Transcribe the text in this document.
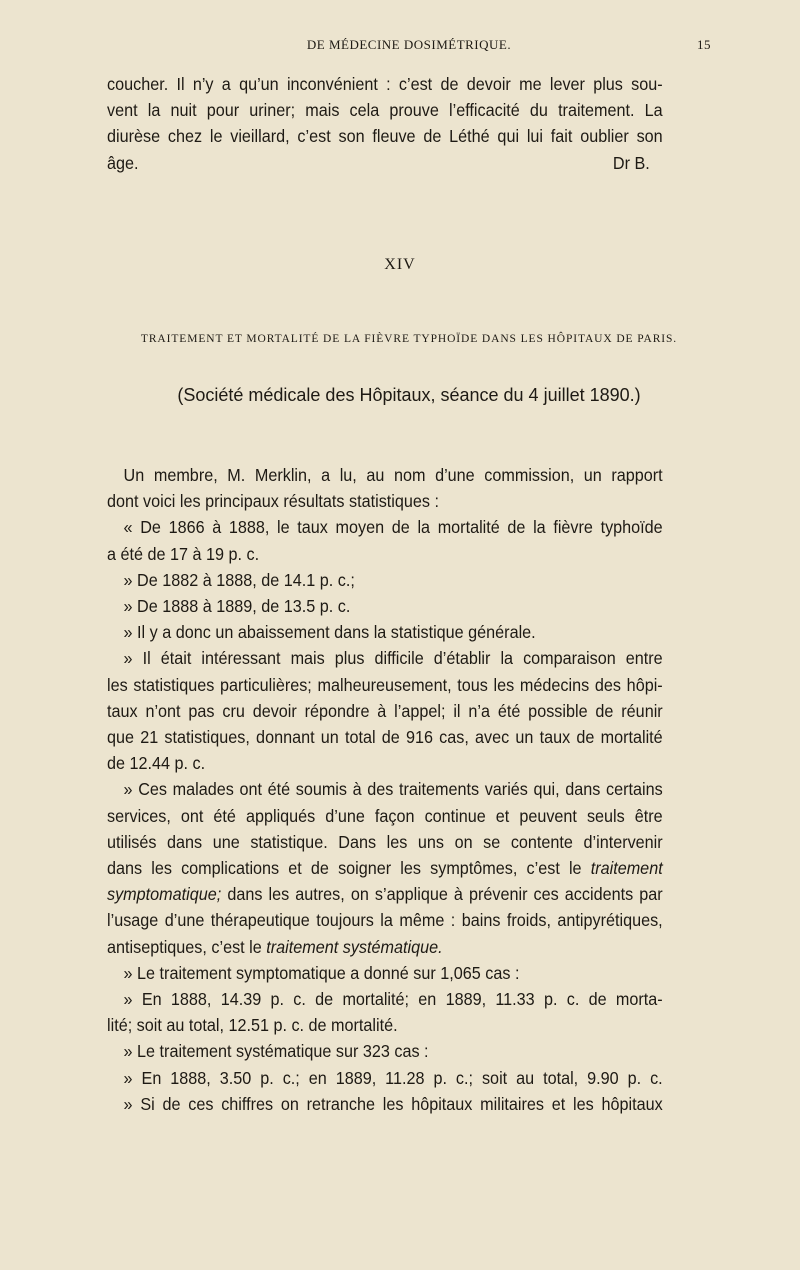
DE MÉDECINE DOSIMÉTRIQUE.	15
coucher. Il n’y a qu’un inconvénient : c’est de devoir me lever plus sou-
vent la nuit pour uriner; mais cela prouve l’efficacité du traitement. La
diurèse chez le vieillard, c’est son fleuve de Léthé qui lui fait oublier son
âge.	Dr B.
XIV
TRAITEMENT ET MORTALITÉ DE LA FIÈVRE TYPHOÏDE DANS LES HÔPITAUX DE PARIS.
(Société médicale des Hôpitaux, séance du 4 juillet 1890.)
Un membre, M. Merklin, a lu, au nom d’une commission, un rapport
dont voici les principaux résultats statistiques :
« De 1866 à 1888, le taux moyen de la mortalité de la fièvre typhoïde
a été de 17 à 19 p. c.
» De 1882 à 1888, de 14.1 p. c.;
» De 1888 à 1889, de 13.5 p. c.
» Il y a donc un abaissement dans la statistique générale.
» Il était intéressant mais plus difficile d’établir la comparaison entre
les statistiques particulières; malheureusement, tous les médecins des hôpi-
taux n’ont pas cru devoir répondre à l’appel; il n’a été possible de réunir
que 21 statistiques, donnant un total de 916 cas, avec un taux de mortalité
de 12.44 p. c.
» Ces malades ont été soumis à des traitements variés qui, dans certains
services, ont été appliqués d’une façon continue et peuvent seuls être
utilisés dans une statistique. Dans les uns on se contente d’intervenir
dans les complications et de soigner les symptômes, c’est le traitement
symptomatique; dans les autres, on s’applique à prévenir ces accidents par
l’usage d’une thérapeutique toujours la même : bains froids, antipyrétiques,
antiseptiques, c’est le traitement systématique.
» Le traitement symptomatique a donné sur 1,065 cas :
» En 1888, 14.39 p. c. de mortalité; en 1889, 11.33 p. c. de morta-
lité; soit au total, 12.51 p. c. de mortalité.
» Le traitement systématique sur 323 cas :
» En 1888, 3.50 p. c.; en 1889, 11.28 p. c.; soit au total, 9.90 p. c.
» Si de ces chiffres on retranche les hôpitaux militaires et les hôpitaux
